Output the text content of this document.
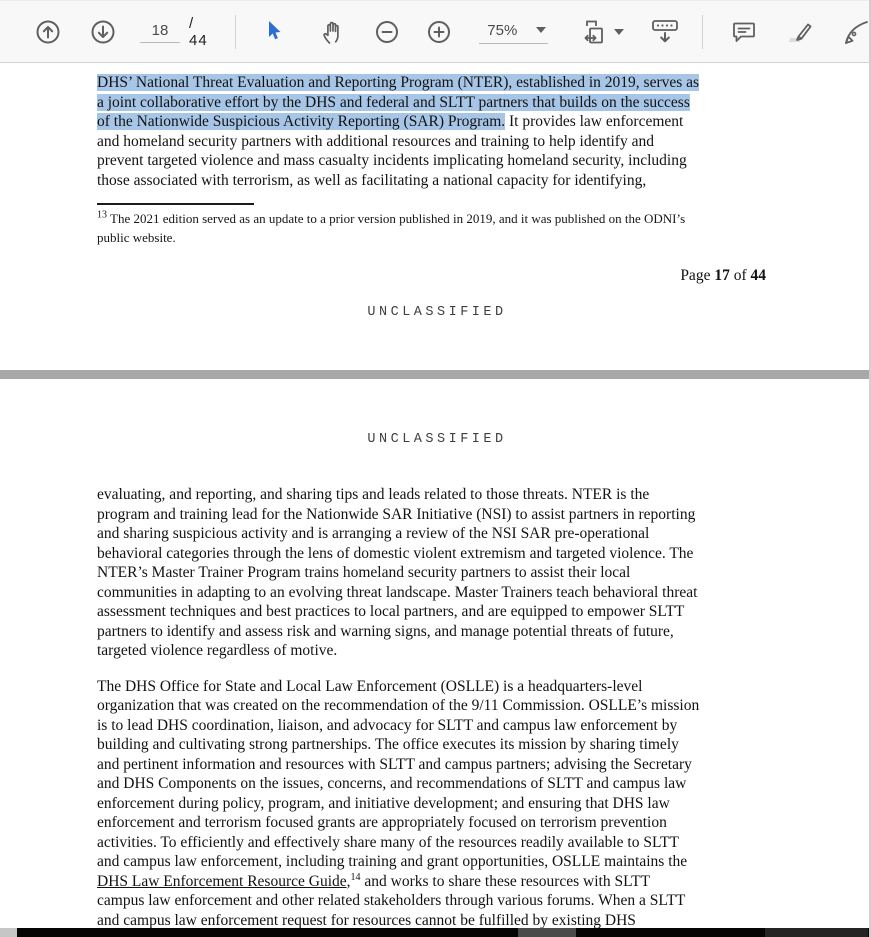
18
/ 44
75%
DHS’ National Threat Evaluation and Reporting Program (NTER), established in 2019, serves as
a joint collaborative effort by the DHS and federal and SLTT partners that builds on the success
of the Nationwide Suspicious Activity Reporting (SAR) Program. It provides law enforcement
and homeland security partners with additional resources and training to help identify and
prevent targeted violence and mass casualty incidents implicating homeland security, including
those associated with terrorism, as well as facilitating a national capacity for identifying,
$^{13}$ The 2021 edition served as an update to a prior version published in 2019, and it was published on the ODNI’s
public website.
Page 17 of 44
UNCLASSIFIED
UNCLASSIFIED
evaluating, and reporting, and sharing tips and leads related to those threats. NTER is the
program and training lead for the Nationwide SAR Initiative (NSI) to assist partners in reporting
and sharing suspicious activity and is arranging a review of the NSI SAR pre-operational
behavioral categories through the lens of domestic violent extremism and targeted violence. The
NTER’s Master Trainer Program trains homeland security partners to assist their local
communities in adapting to an evolving threat landscape. Master Trainers teach behavioral threat
assessment techniques and best practices to local partners, and are equipped to empower SLTT
partners to identify and assess risk and warning signs, and manage potential threats of future,
targeted violence regardless of motive.
The DHS Office for State and Local Law Enforcement (OSLLE) is a headquarters-level
organization that was created on the recommendation of the 9/11 Commission. OSLLE’s mission
is to lead DHS coordination, liaison, and advocacy for SLTT and campus law enforcement by
building and cultivating strong partnerships. The office executes its mission by sharing timely
and pertinent information and resources with SLTT and campus partners; advising the Secretary
and DHS Components on the issues, concerns, and recommendations of SLTT and campus law
enforcement during policy, program, and initiative development; and ensuring that DHS law
enforcement and terrorism focused grants are appropriately focused on terrorism prevention
activities. To efficiently and effectively share many of the resources readily available to SLTT
and campus law enforcement, including training and grant opportunities, OSLLE maintains the
DHS Law Enforcement Resource Guide,$^{14}$ and works to share these resources with SLTT
campus law enforcement and other related stakeholders through various forums. When a SLTT
and campus law enforcement request for resources cannot be fulfilled by existing DHS
